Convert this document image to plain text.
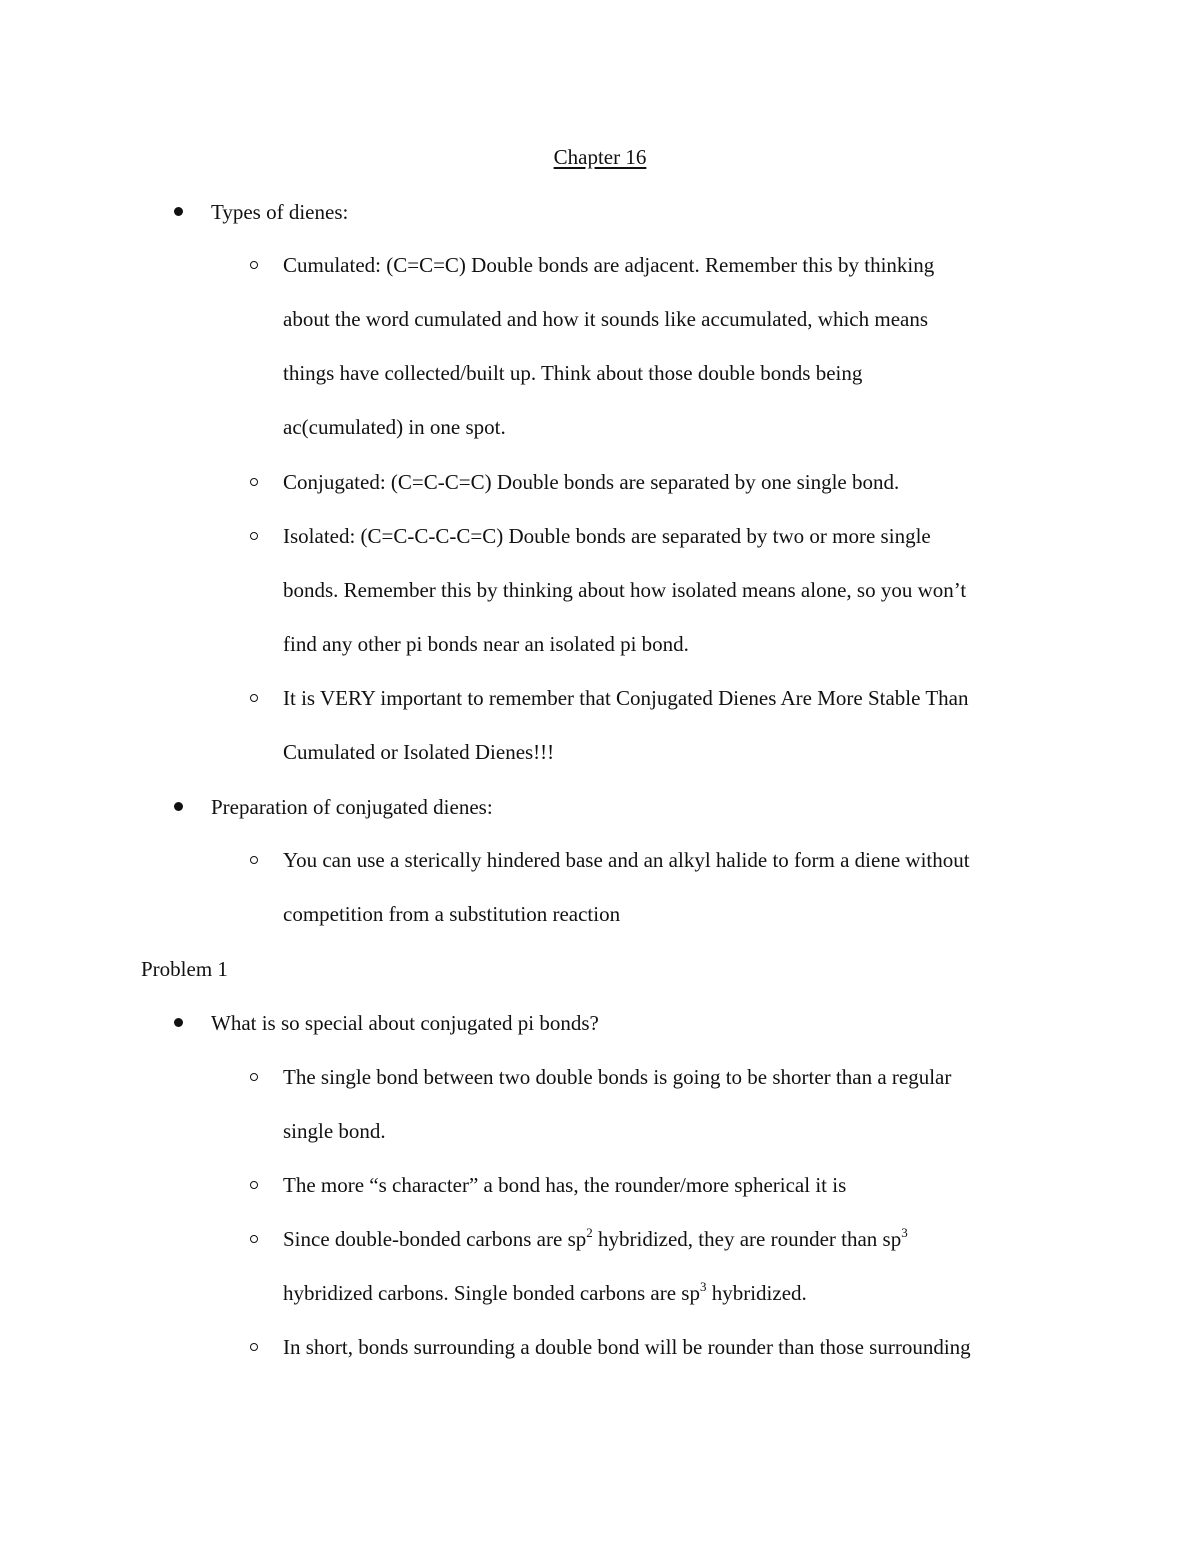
Chapter 16
Types of dienes:
Cumulated: (C=C=C) Double bonds are adjacent. Remember this by thinking
about the word cumulated and how it sounds like accumulated, which means
things have collected/built up. Think about those double bonds being
ac(cumulated) in one spot.
Conjugated: (C=C-C=C) Double bonds are separated by one single bond.
Isolated: (C=C-C-C-C=C) Double bonds are separated by two or more single
bonds. Remember this by thinking about how isolated means alone, so you won’t
find any other pi bonds near an isolated pi bond.
It is VERY important to remember that Conjugated Dienes Are More Stable Than
Cumulated or Isolated Dienes!!!
Preparation of conjugated dienes:
You can use a sterically hindered base and an alkyl halide to form a diene without
competition from a substitution reaction
Problem 1
What is so special about conjugated pi bonds?
The single bond between two double bonds is going to be shorter than a regular
single bond.
The more “s character” a bond has, the rounder/more spherical it is
Since double-bonded carbons are $sp^2$ hybridized, they are rounder than $sp^3$
hybridized carbons. Single bonded carbons are $sp^3$ hybridized.
In short, bonds surrounding a double bond will be rounder than those surrounding
